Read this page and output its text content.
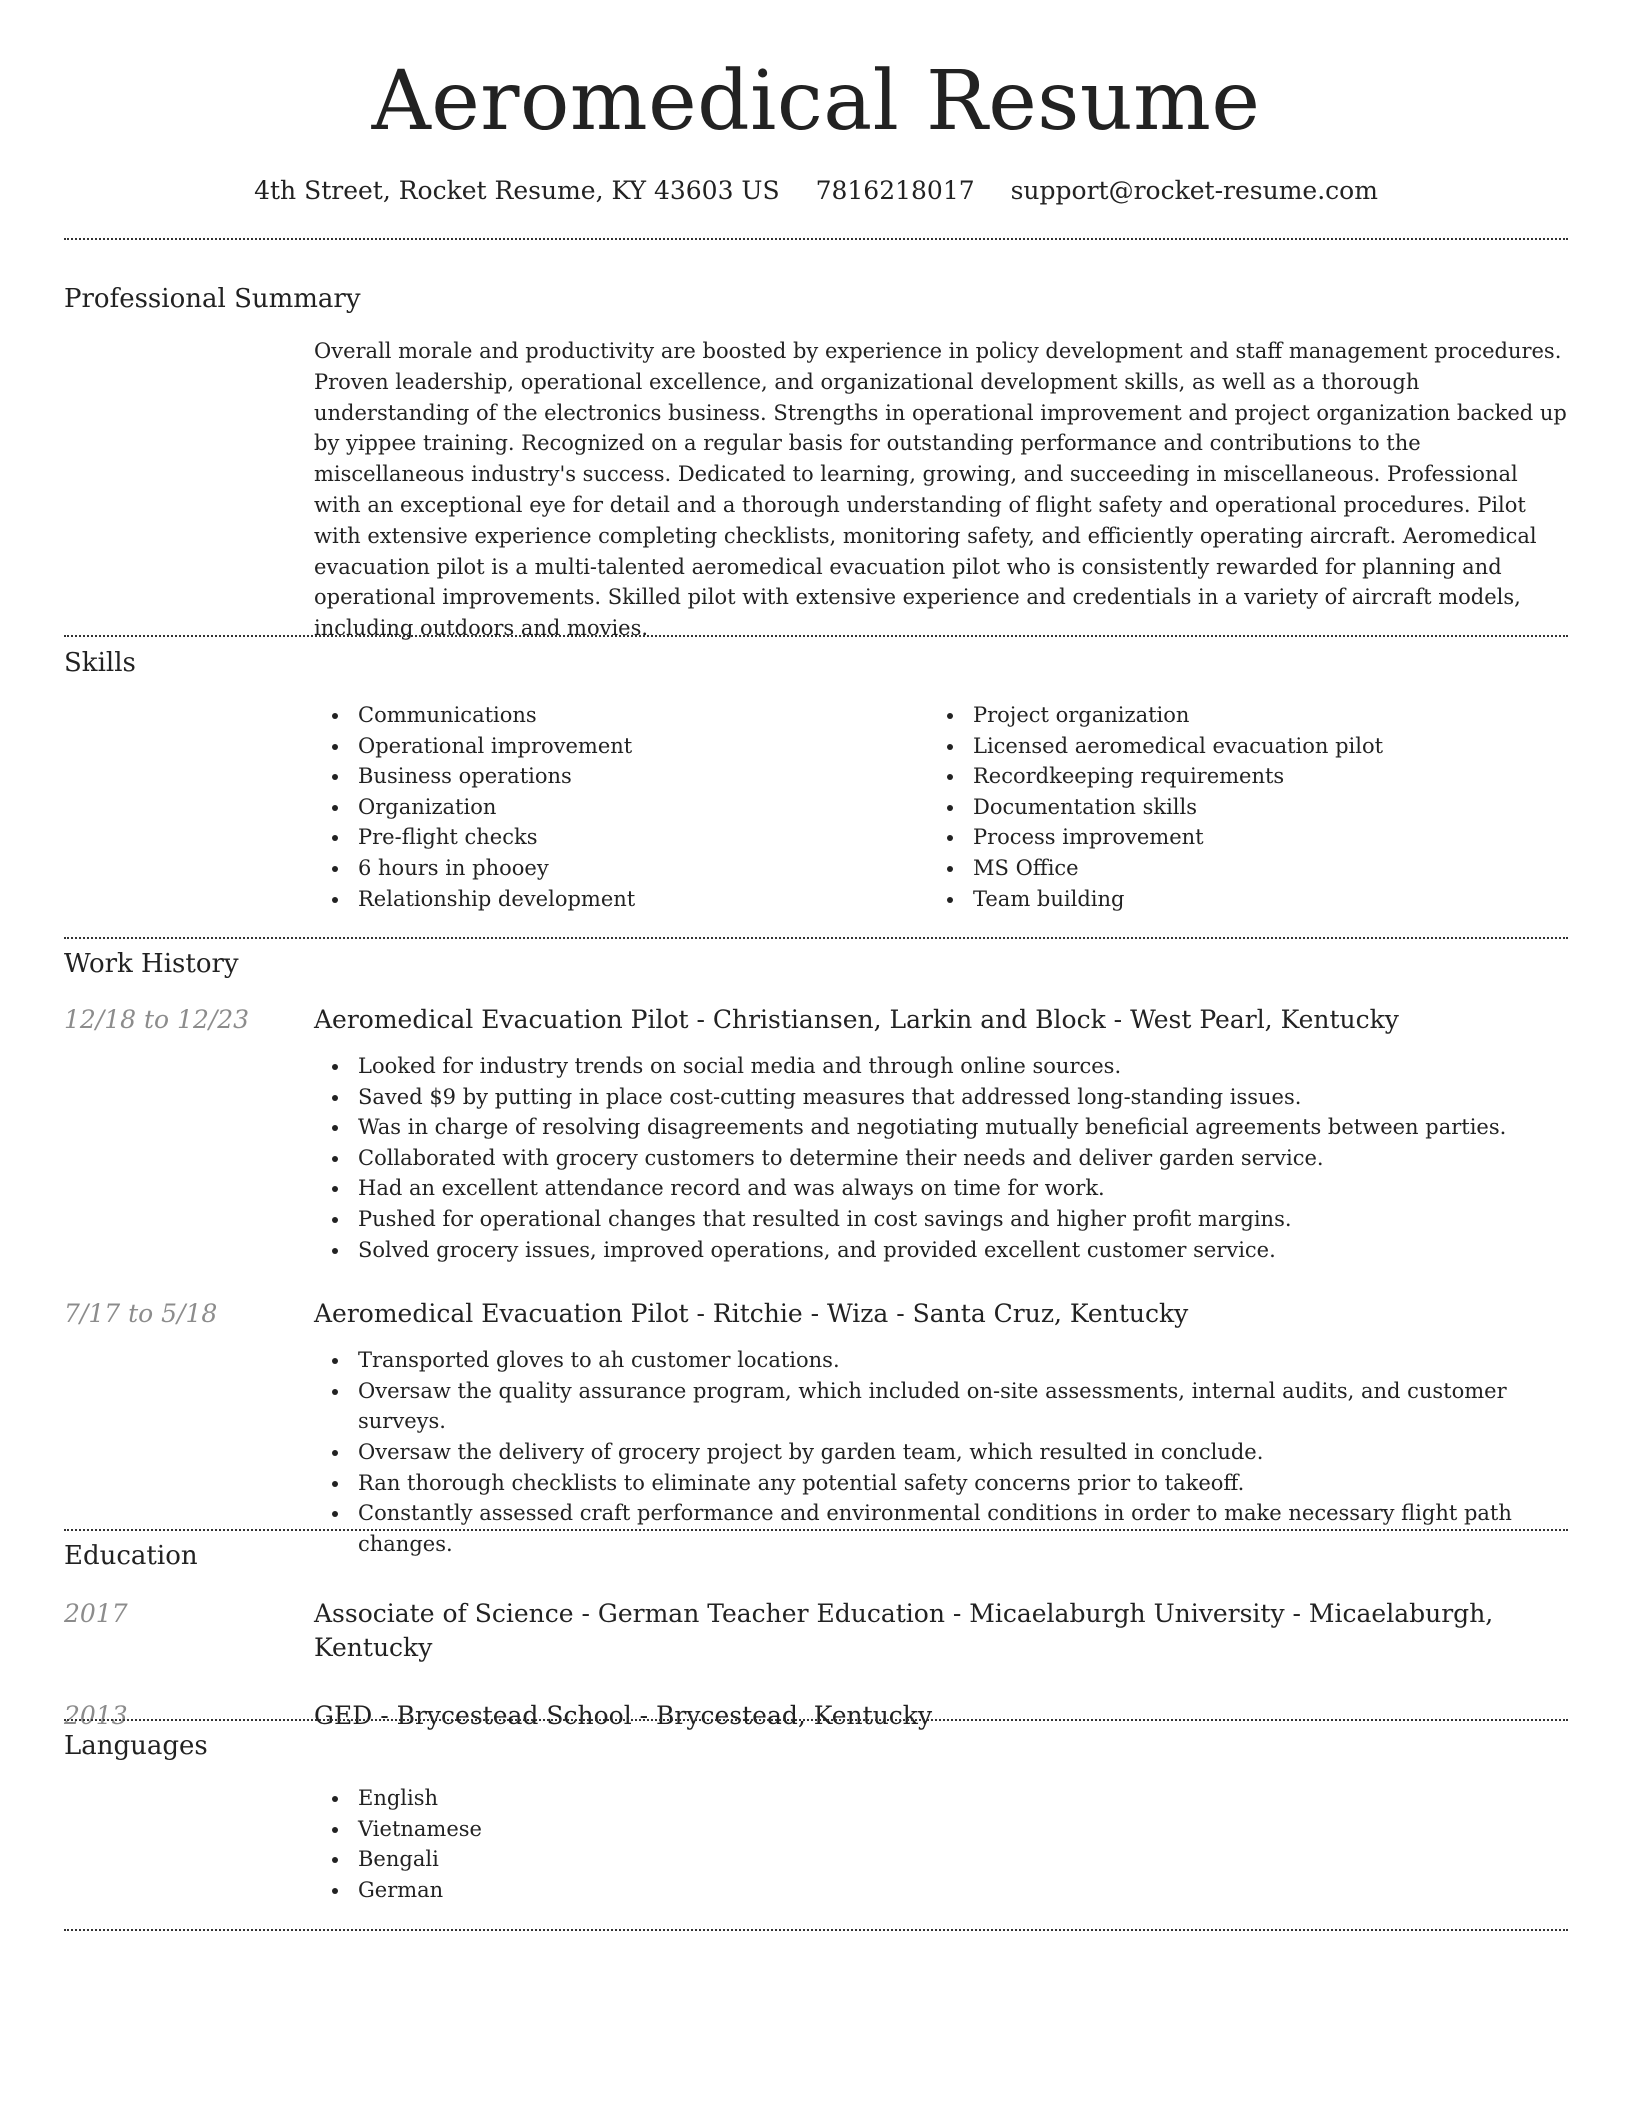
Aeromedical Resume
4th Street, Rocket Resume, KY 43603 US 7816218017 support@rocket-resume.com
Professional Summary
Overall morale and productivity are boosted by experience in policy development and staff management procedures. Proven leadership, operational excellence, and organizational development skills, as well as a thorough understanding of the electronics business. Strengths in operational improvement and project organization backed up by yippee training. Recognized on a regular basis for outstanding performance and contributions to the miscellaneous industry's success. Dedicated to learning, growing, and succeeding in miscellaneous. Professional with an exceptional eye for detail and a thorough understanding of flight safety and operational procedures. Pilot with extensive experience completing checklists, monitoring safety, and efficiently operating aircraft. Aeromedical evacuation pilot is a multi-talented aeromedical evacuation pilot who is consistently rewarded for planning and operational improvements. Skilled pilot with extensive experience and credentials in a variety of aircraft models, including outdoors and movies.
Skills
Communications
Operational improvement
Business operations
Organization
Pre-flight checks
6 hours in phooey
Relationship development
Project organization
Licensed aeromedical evacuation pilot
Recordkeeping requirements
Documentation skills
Process improvement
MS Office
Team building
Work History
12/18 to 12/23	Aeromedical Evacuation Pilot - Christiansen, Larkin and Block - West Pearl, Kentucky
Looked for industry trends on social media and through online sources.
Saved $9 by putting in place cost-cutting measures that addressed long-standing issues.
Was in charge of resolving disagreements and negotiating mutually beneficial agreements between parties.
Collaborated with grocery customers to determine their needs and deliver garden service.
Had an excellent attendance record and was always on time for work.
Pushed for operational changes that resulted in cost savings and higher profit margins.
Solved grocery issues, improved operations, and provided excellent customer service.
7/17 to 5/18	Aeromedical Evacuation Pilot - Ritchie - Wiza - Santa Cruz, Kentucky
Transported gloves to ah customer locations.
Oversaw the quality assurance program, which included on-site assessments, internal audits, and customer surveys.
Oversaw the delivery of grocery project by garden team, which resulted in conclude.
Ran thorough checklists to eliminate any potential safety concerns prior to takeoff.
Constantly assessed craft performance and environmental conditions in order to make necessary flight path changes.
Education
2017	Associate of Science - German Teacher Education - Micaelaburgh University - Micaelaburgh, Kentucky
2013	GED - Brycestead School - Brycestead, Kentucky
Languages
English
Vietnamese
Bengali
German
